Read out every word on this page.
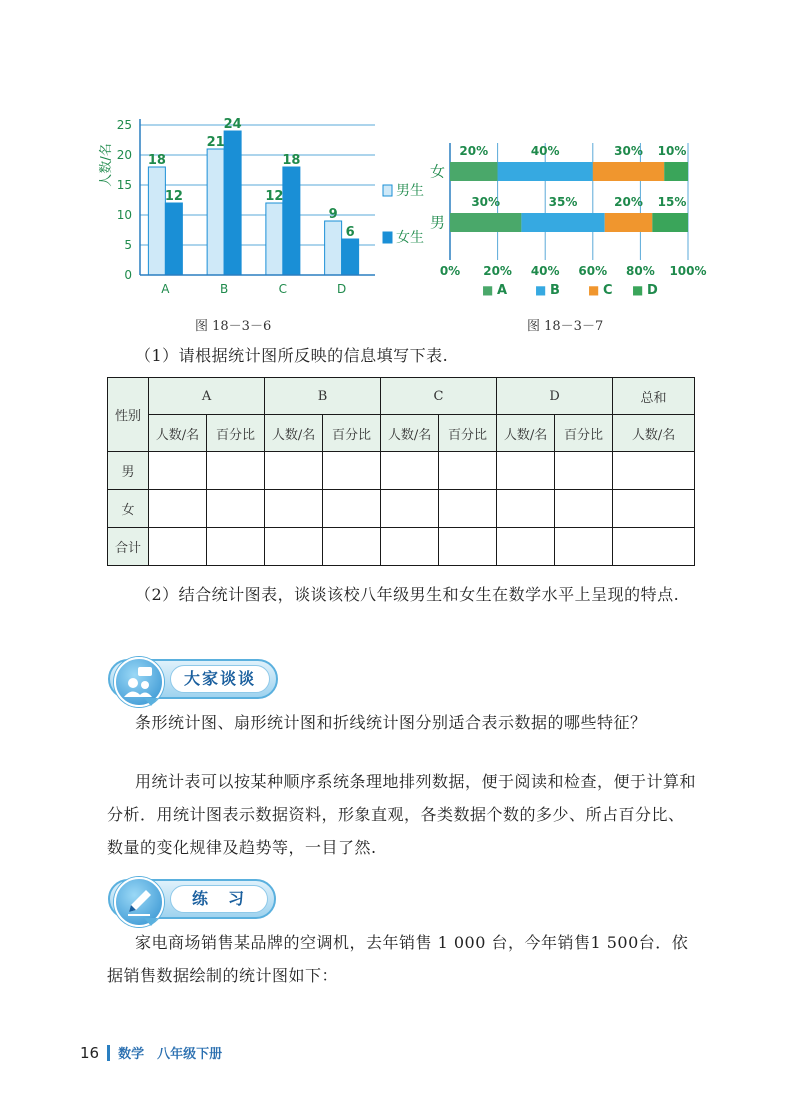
18
12
21
24
12
18
9
6
0
5
10
15
20
25
人数/名
A	B	C	D
男生
女生
图 18－3－6
0% 20% 40% 60% 80% 100%
女
20%	40%	30% 10%
男
30%	35%	20% 15%
■ A ■ B ■ C ■ D
图 18－3－7
（1）请根据统计图所反映的信息填写下表.
性别	A		B		C		D		总和
	人数/名	百分比	人数/名	百分比	人数/名	百分比	人数/名	百分比	人数/名
男									
女									
合计									
（2）结合统计图表，谈谈该校八年级男生和女生在数学水平上呈现的特点.
大家谈谈
条形统计图、扇形统计图和折线统计图分别适合表示数据的哪些特征？
用统计表可以按某种顺序系统条理地排列数据，便于阅读和检查，便于计算和分析．用统计图表示数据资料，形象直观，各类数据个数的多少、所占百分比、数量的变化规律及趋势等，一目了然.
练　习
家电商场销售某品牌的空调机，去年销售 1 000 台，今年销售1 500台．依据销售数据绘制的统计图如下：
16 数学　八年级下册
